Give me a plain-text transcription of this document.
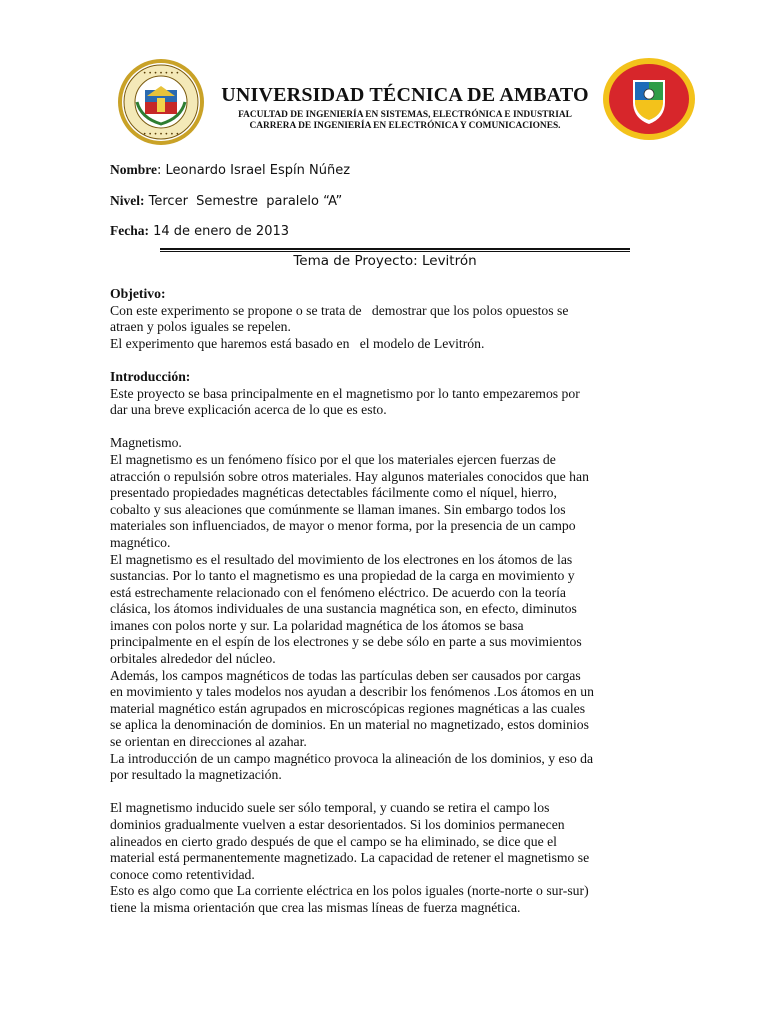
• • • • • • •
• • • • • • •
UNIVERSIDAD TÉCNICA DE AMBATO
FACULTAD DE INGENIERÍA EN SISTEMAS, ELECTRÓNICA E INDUSTRIAL
CARRERA DE INGENIERÍA EN ELECTRÓNICA Y COMUNICACIONES.
Nombre: Leonardo Israel Espín Núñez
Nivel: Tercer  Semestre  paralelo “A”
Fecha: 14 de enero de 2013
Tema de Proyecto: Levitrón

Objetivo:

Con este experimento se propone o se trata de   demostrar que los polos opuestos se

atraen y polos iguales se repelen.

El experimento que haremos está basado en   el modelo de Levitrón.

Introducción:

Este proyecto se basa principalmente en el magnetismo por lo tanto empezaremos por

dar una breve explicación acerca de lo que es esto.

Magnetismo.

El magnetismo es un fenómeno físico por el que los materiales ejercen fuerzas de

atracción o repulsión sobre otros materiales. Hay algunos materiales conocidos que han

presentado propiedades magnéticas detectables fácilmente como el níquel, hierro,

cobalto y sus aleaciones que comúnmente se llaman imanes. Sin embargo todos los

materiales son influenciados, de mayor o menor forma, por la presencia de un campo

magnético.

El magnetismo es el resultado del movimiento de los electrones en los átomos de las

sustancias. Por lo tanto el magnetismo es una propiedad de la carga en movimiento y

está estrechamente relacionado con el fenómeno eléctrico. De acuerdo con la teoría

clásica, los átomos individuales de una sustancia magnética son, en efecto, diminutos

imanes con polos norte y sur. La polaridad magnética de los átomos se basa

principalmente en el espín de los electrones y se debe sólo en parte a sus movimientos

orbitales alrededor del núcleo.

Además, los campos magnéticos de todas las partículas deben ser causados por cargas

en movimiento y tales modelos nos ayudan a describir los fenómenos .Los átomos en un

material magnético están agrupados en microscópicas regiones magnéticas a las cuales

se aplica la denominación de dominios. En un material no magnetizado, estos dominios

se orientan en direcciones al azahar.

La introducción de un campo magnético provoca la alineación de los dominios, y eso da

por resultado la magnetización.

El magnetismo inducido suele ser sólo temporal, y cuando se retira el campo los

dominios gradualmente vuelven a estar desorientados. Si los dominios permanecen

alineados en cierto grado después de que el campo se ha eliminado, se dice que el

material está permanentemente magnetizado. La capacidad de retener el magnetismo se

conoce como retentividad.

Esto es algo como que La corriente eléctrica en los polos iguales (norte-norte o sur-sur)

tiene la misma orientación que crea las mismas líneas de fuerza magnética.
